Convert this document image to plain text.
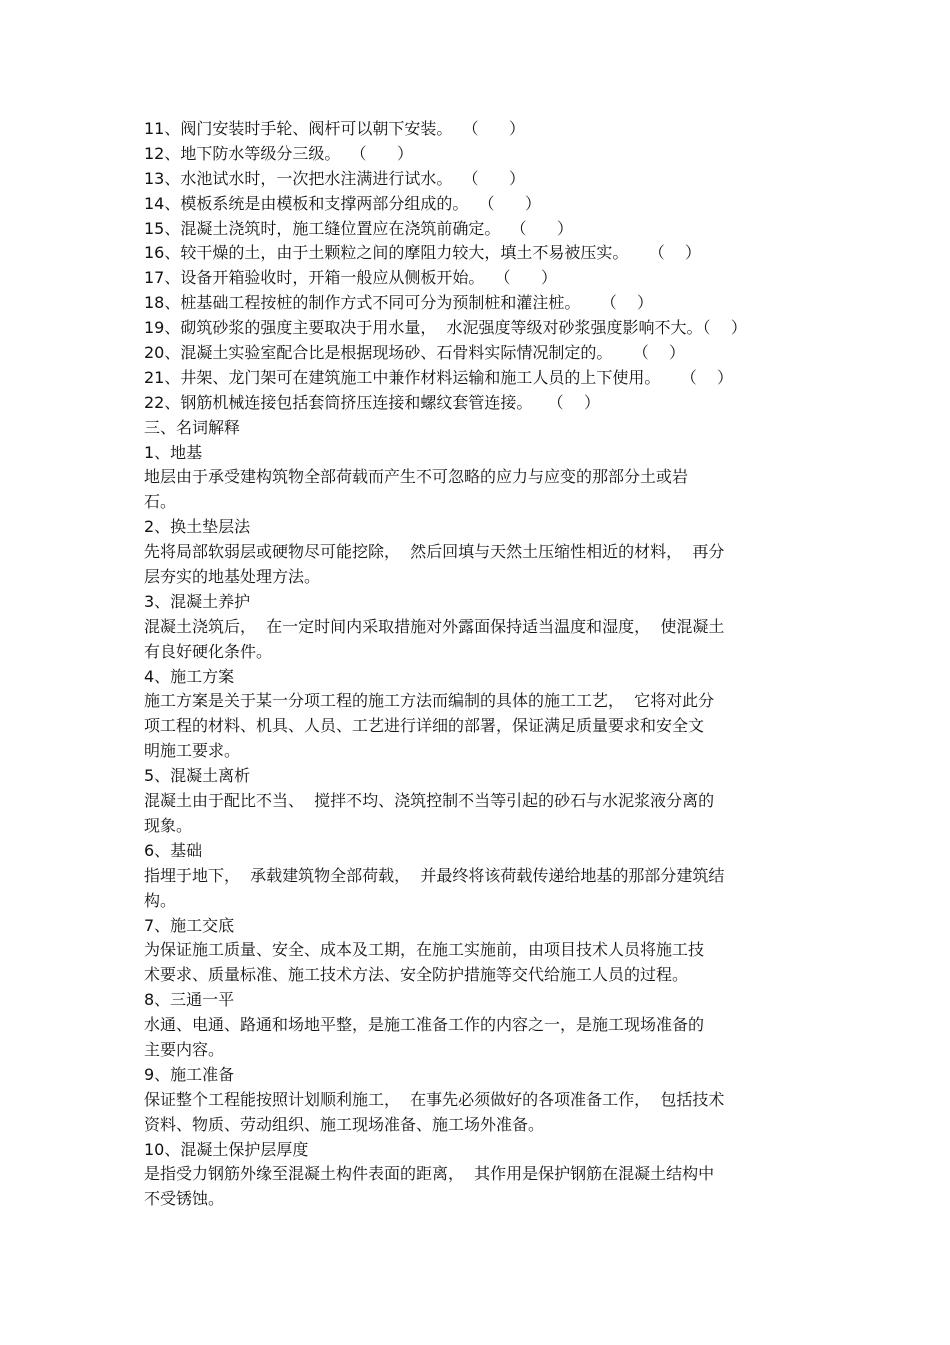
11、阀门安装时手轮、阀杆可以朝下安装。  （      ）
12、地下防水等级分三级。  （      ）
13、水池试水时，一次把水注满进行试水。  （      ）
14、模板系统是由模板和支撑两部分组成的。  （      ）
15、混凝土浇筑时，施工缝位置应在浇筑前确定。  （      ）
16、较干燥的土，由于土颗粒之间的摩阻力较大，填土不易被压实。    （    ）
17、设备开箱验收时，开箱一般应从侧板开始。  （      ）
18、桩基础工程按桩的制作方式不同可分为预制桩和灌注桩。    （    ）
19、砌筑砂浆的强度主要取决于用水量，  水泥强度等级对砂浆强度影响不大。（    ）
20、混凝土实验室配合比是根据现场砂、石骨料实际情况制定的。    （    ）
21、井架、龙门架可在建筑施工中兼作材料运输和施工人员的上下使用。    （    ）
22、钢筋机械连接包括套筒挤压连接和螺纹套管连接。   （    ）
三、名词解释
1、地基
地层由于承受建构筑物全部荷载而产生不可忽略的应力与应变的那部分土或岩
石。
2、换土垫层法
先将局部软弱层或硬物尽可能挖除，  然后回填与天然土压缩性相近的材料，  再分
层夯实的地基处理方法。
3、混凝土养护
混凝土浇筑后，  在一定时间内采取措施对外露面保持适当温度和湿度，  使混凝土
有良好硬化条件。
4、施工方案
施工方案是关于某一分项工程的施工方法而编制的具体的施工工艺，  它将对此分
项工程的材料、机具、人员、工艺进行详细的部署，保证满足质量要求和安全文
明施工要求。
5、混凝土离析
混凝土由于配比不当、  搅拌不均、浇筑控制不当等引起的砂石与水泥浆液分离的
现象。
6、基础
指埋于地下，  承载建筑物全部荷载，  并最终将该荷载传递给地基的那部分建筑结
构。
7、施工交底
为保证施工质量、安全、成本及工期，在施工实施前，由项目技术人员将施工技
术要求、质量标准、施工技术方法、安全防护措施等交代给施工人员的过程。
8、三通一平
水通、电通、路通和场地平整，是施工准备工作的内容之一，是施工现场准备的
主要内容。
9、施工准备
保证整个工程能按照计划顺利施工，  在事先必须做好的各项准备工作，  包括技术
资料、物质、劳动组织、施工现场准备、施工场外准备。
10、混凝土保护层厚度
是指受力钢筋外缘至混凝土构件表面的距离，  其作用是保护钢筋在混凝土结构中
不受锈蚀。
